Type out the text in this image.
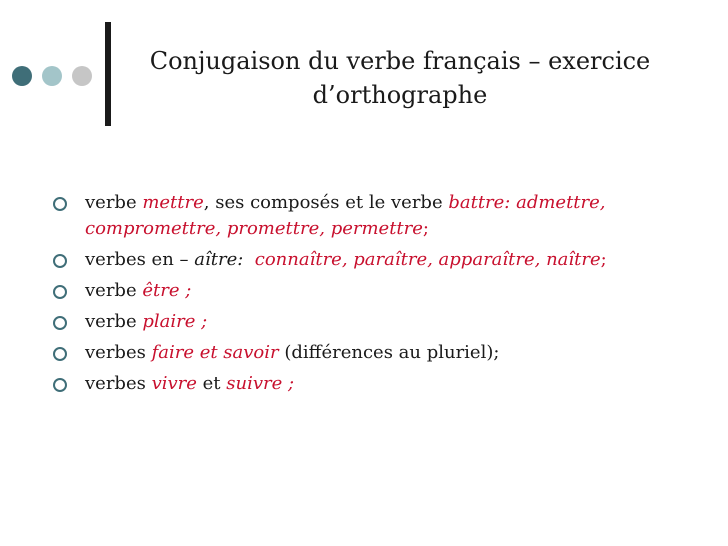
Conjugaison du verbe français – exercice
d’orthographe
verbe mettre, ses composés et le verbe battre: admettre, compromettre, promettre, permettre;
verbes en – aître:  connaître, paraître, apparaître, naître;
verbe être ;
verbe plaire ;
verbes faire et savoir (différences au pluriel);
verbes vivre et suivre ;
